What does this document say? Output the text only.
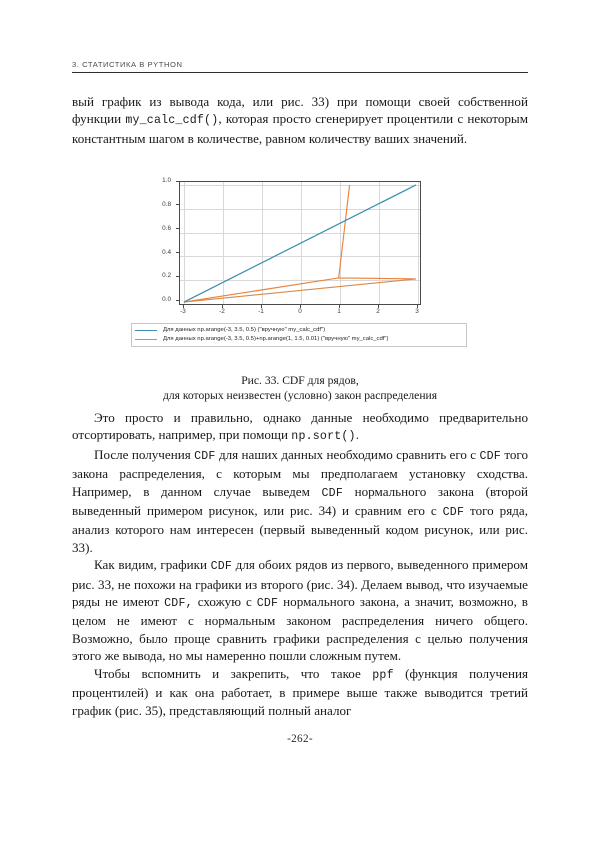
3. СТАТИСТИКА В PYTHON

вый график из вывода кода, или рис. 33) при помощи своей собственной функции my_calc_cdf(), которая просто сгенерирует процентили с некоторым константным шагом в количестве, равном количеству ваших значений.

1.0
0.8
0.6
0.4
0.2
0.0
-3	-2	-1	0	1	2	3
Для данных np.arange(-3, 3.5, 0.5) ("вручную" my_calc_cdf")
Для данных np.arange(-3, 3.5, 0.5)+np.arange(1, 1.5, 0.01) ("вручную" my_calc_cdf")
Рис. 33. CDF для рядов,
для которых неизвестен (условно) закон распределения

Это просто и правильно, однако данные необходимо предварительно отсортировать, например, при помощи np.sort().

После получения CDF для наших данных необходимо сравнить его с CDF того закона распределения, с которым мы предполагаем установку сходства. Например, в данном случае выведем CDF нормального закона (второй выведенный примером рисунок, или рис. 34) и сравним его с CDF того ряда, анализ которого нам интересен (первый выведенный кодом рисунок, или рис. 33).

Как видим, графики CDF для обоих рядов из первого, выведенного примером рис. 33, не похожи на графики из второго (рис. 34). Делаем вывод, что изучаемые ряды не имеют CDF, схожую с CDF нормального закона, а значит, возможно, в целом не имеют с нормальным законом распределения ничего общего. Возможно, было проще сравнить графики распределения с целью получения этого же вывода, но мы намеренно пошли сложным путем.

Чтобы вспомнить и закрепить, что такое ppf (функция получения процентилей) и как она работает, в примере выше также выводится третий график (рис. 35), представляющий полный аналог

-262-
